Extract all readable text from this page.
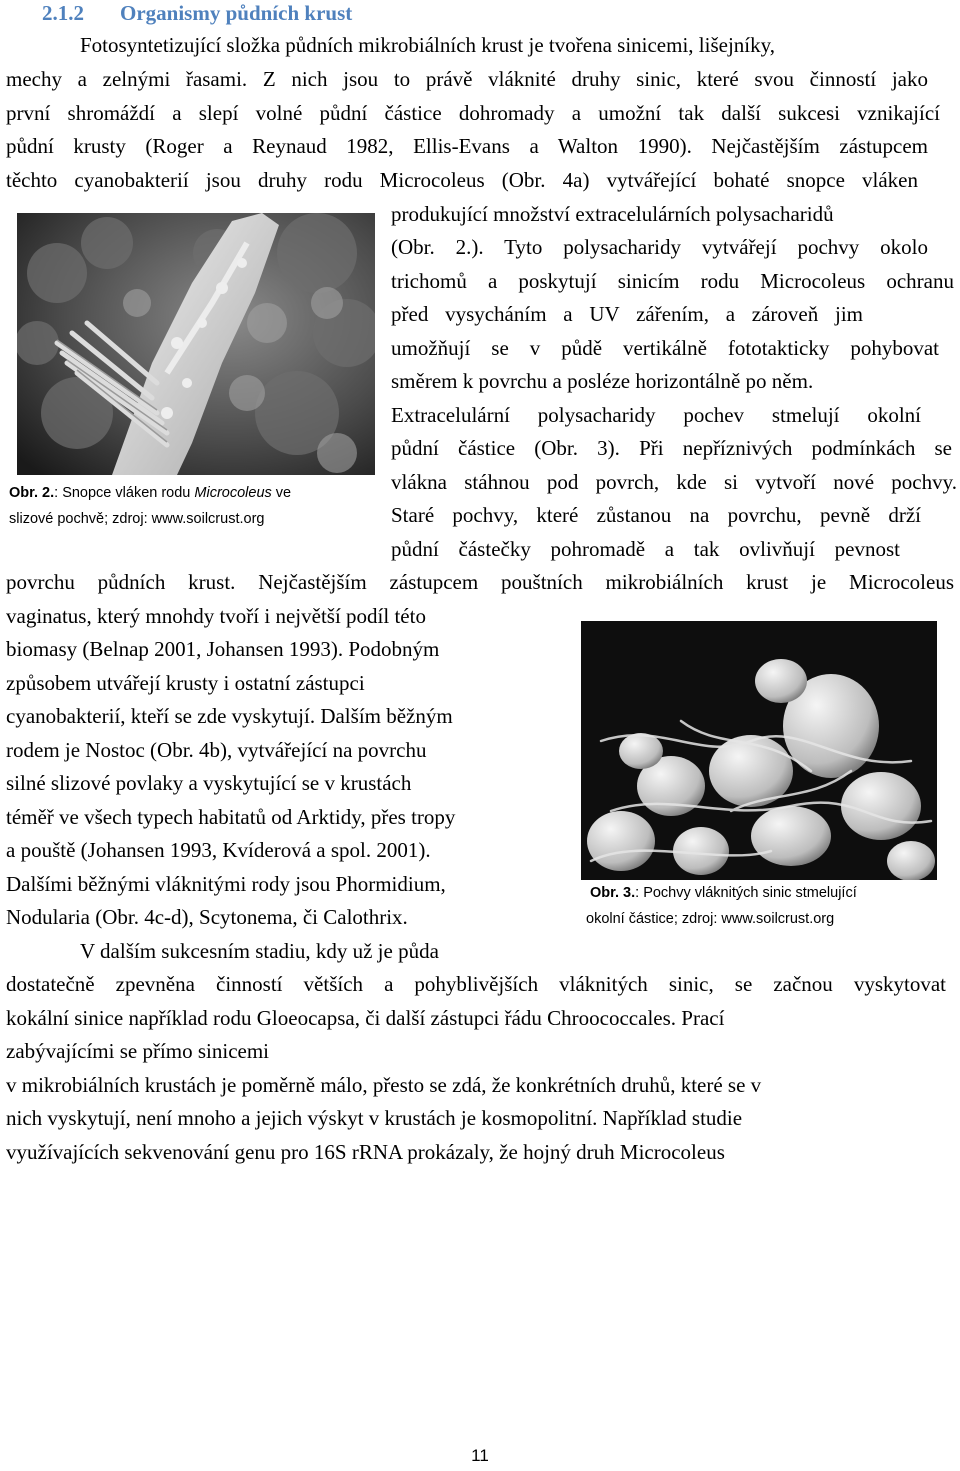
2.1.2 Organismy půdních krust
Fotosyntetizující složka půdních mikrobiálních krust je tvořena sinicemi, lišejníky,
mechy a zelnými řasami. Z nich jsou to právě vláknité druhy sinic, které svou činností jako
první shromáždí a slepí volné půdní částice dohromady a umožní tak další sukcesi vznikající
půdní krusty (Roger a Reynaud 1982, Ellis-Evans a Walton 1990). Nejčastějším zástupcem
těchto cyanobakterií jsou druhy rodu Microcoleus (Obr. 4a) vytvářející bohaté snopce vláken
produkující množství extracelulárních polysacharidů
(Obr. 2.). Tyto polysacharidy vytvářejí pochvy okolo
trichomů a poskytují sinicím rodu Microcoleus ochranu
před vysycháním a UV zářením, a zároveň jim
umožňují se v půdě vertikálně fototakticky pohybovat
směrem k povrchu a posléze horizontálně po něm.
Extracelulární polysacharidy pochev stmelují okolní
půdní částice (Obr. 3). Při nepříznivých podmínkách se
vlákna stáhnou pod povrch, kde si vytvoří nové pochvy.
Staré pochvy, které zůstanou na povrchu, pevně drží
půdní částečky pohromadě a tak ovlivňují pevnost
povrchu půdních krust. Nejčastějším zástupcem pouštních mikrobiálních krust je Microcoleus
vaginatus, který mnohdy tvoří i největší podíl této
biomasy (Belnap 2001, Johansen 1993). Podobným
způsobem utvářejí krusty i ostatní zástupci
cyanobakterií, kteří se zde vyskytují. Dalším běžným
rodem je Nostoc (Obr. 4b), vytvářející na povrchu
silné slizové povlaky a vyskytující se v krustách
téměř ve všech typech habitatů od Arktidy, přes tropy
a pouště (Johansen 1993, Kvíderová a spol. 2001).
Dalšími běžnými vláknitými rody jsou Phormidium,
Nodularia (Obr. 4c-d), Scytonema, či Calothrix.
V dalším sukcesním stadiu, kdy už je půda
dostatečně zpevněna činností větších a pohyblivějších vláknitých sinic, se začnou vyskytovat
kokální sinice například rodu Gloeocapsa, či další zástupci řádu Chroococcales. Prací
zabývajícími se přímo sinicemi
v mikrobiálních krustách je poměrně málo, přesto se zdá, že konkrétních druhů, které se v
nich vyskytují, není mnoho a jejich výskyt v krustách je kosmopolitní. Například studie
využívajících sekvenování genu pro 16S rRNA prokázaly, že hojný druh Microcoleus
Obr. 2.: Snopce vláken rodu Microcoleus ve
slizové pochvě; zdroj: www.soilcrust.org
Obr. 3.: Pochvy vláknitých sinic stmelující
okolní částice; zdroj: www.soilcrust.org
11
